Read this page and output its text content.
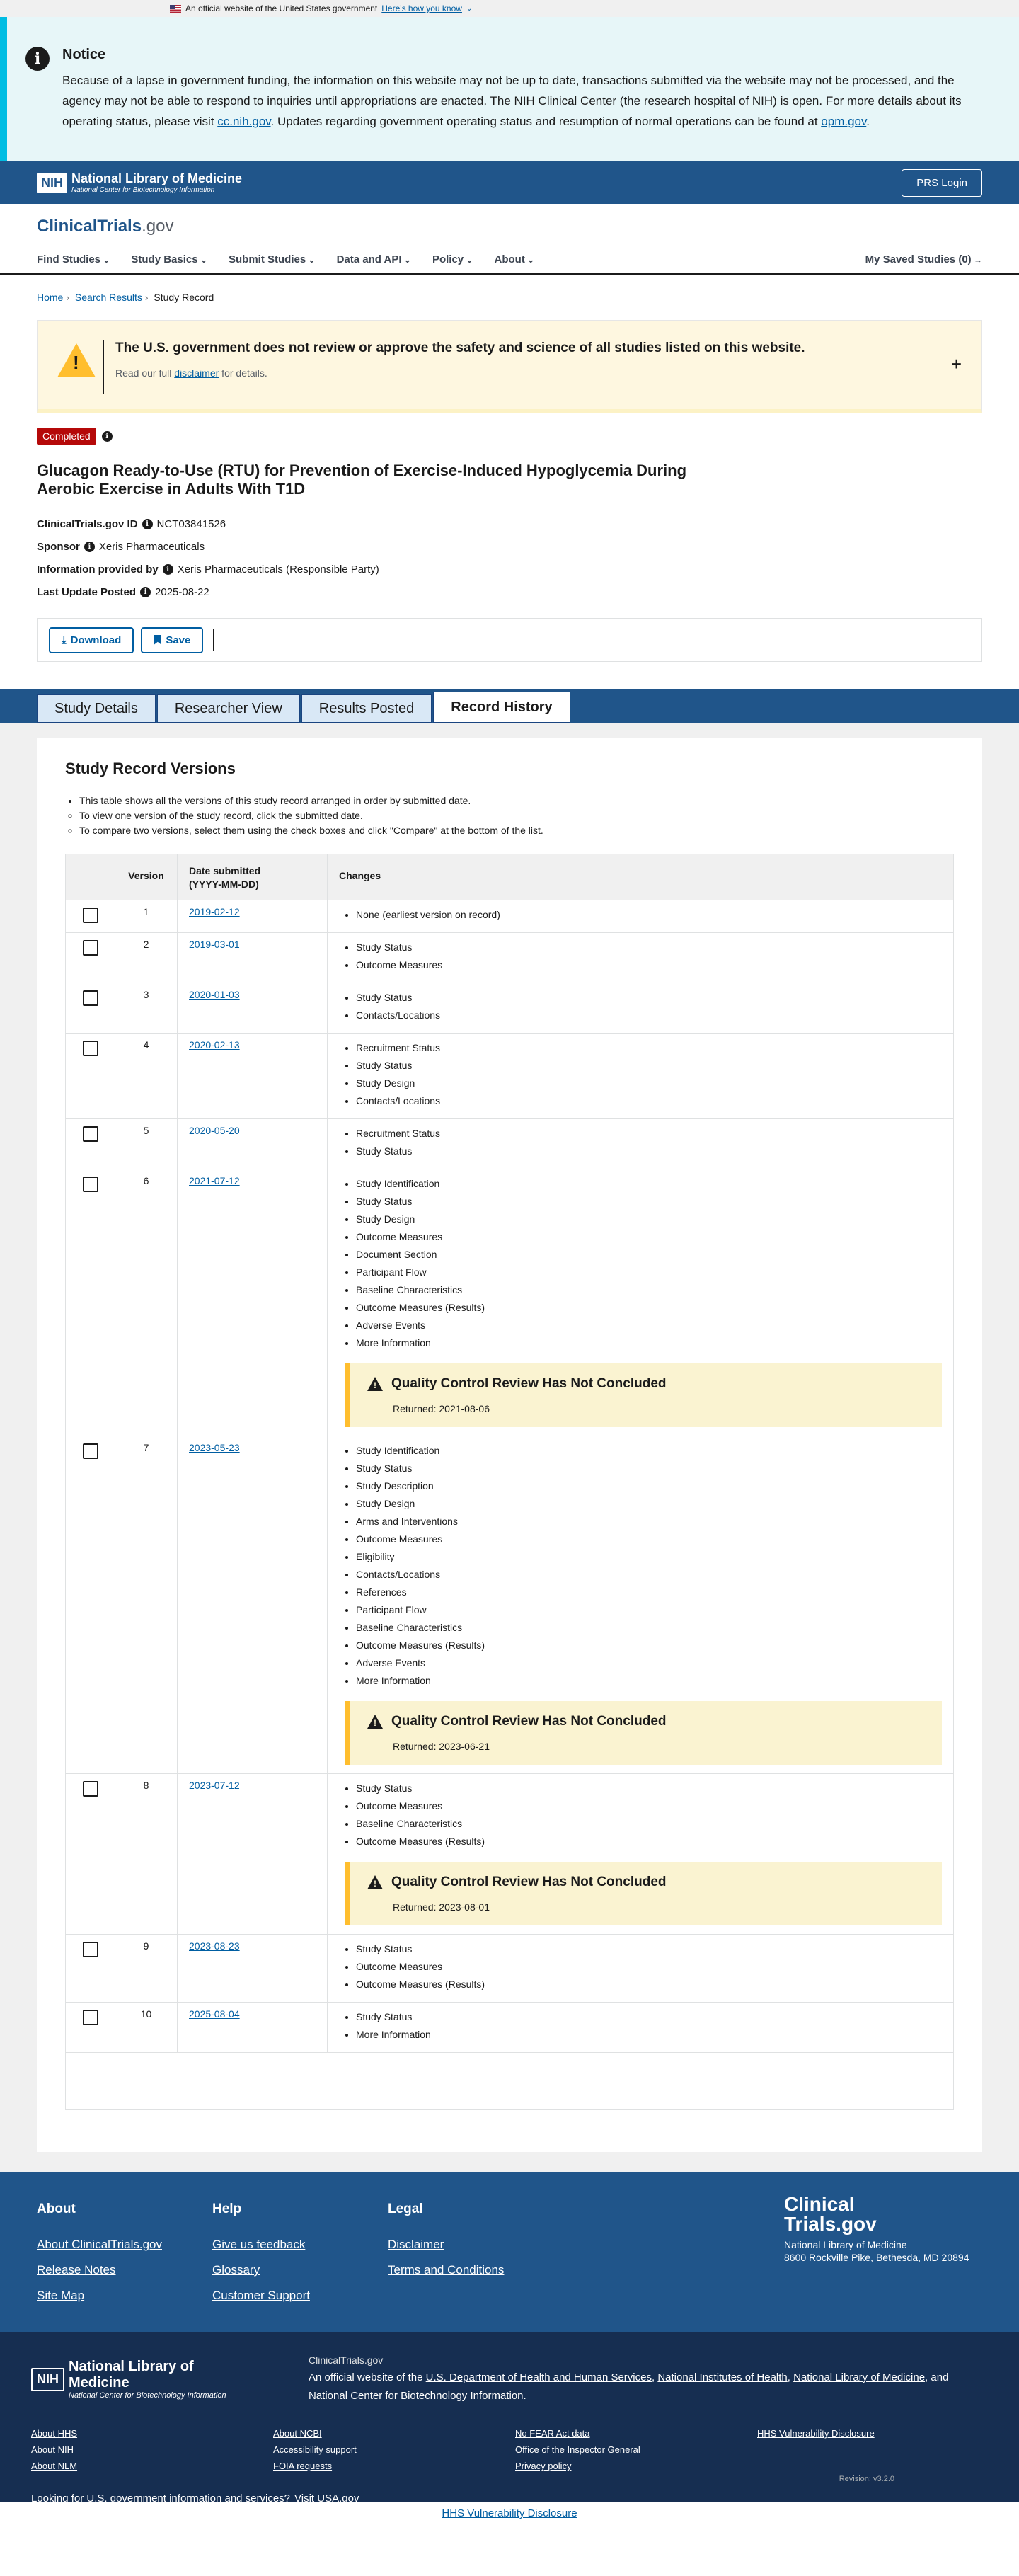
An official website of the United States government Here's how you know ⌄
i	Notice

Because of a lapse in government funding, the information on this website may not be up to date, transactions submitted via the website may not be processed, and the agency may not be able to respond to inquiries until appropriations are enacted. The NIH Clinical Center (the research hospital of NIH) is open. For more details about its operating status, please visit cc.nih.gov. Updates regarding government operating status and resumption of normal operations can be found at opm.gov.

NIH National Library of Medicine
National Center for Biotechnology Information
PRS Login
ClinicalTrials.gov
Find Studies ⌄	Study Basics ⌄	Submit Studies ⌄	Data and API ⌄	Policy ⌄	About ⌄	My Saved Studies (0) →
Home › Search Results › Study Record
!
The U.S. government does not review or approve the safety and science of all studies listed on this website.

Read our full disclaimer for details.	+
Completed	i
Glucagon Ready-to-Use (RTU) for Prevention of Exercise-Induced Hypoglycemia During Aerobic Exercise in Adults With T1D
ClinicalTrials.gov ID	i NCT03841526
Sponsor	i Xeris Pharmaceuticals
Information provided by	i Xeris Pharmaceuticals (Responsible Party)
Last Update Posted	i 2025-08-22
⤓ Download	Save
Study Details	Researcher View	Results Posted	Record History
Study Record Versions
• This table shows all the versions of this study record arranged in order by submitted date.
◦ To view one version of the study record, click the submitted date.
◦ To compare two versions, select them using the check boxes and click "Compare" at the bottom of the list.
Version	Date submitted
(YYYY-MM-DD)
Changes
1	2019-02-12	• None (earliest version on record)
2	2019-03-01	• Study Status
• Outcome Measures
3	2020-01-03	• Study Status
• Contacts/Locations
4	2020-02-13	• Recruitment Status
• Study Status
• Study Design
• Contacts/Locations
5	2020-05-20	• Recruitment Status
• Study Status
6	2021-07-12	• Study Identification
• Study Status
• Study Design
• Outcome Measures
• Document Section
• Participant Flow
• Baseline Characteristics
• Outcome Measures (Results)
• Adverse Events
• More Information
! Quality Control Review Has Not Concluded
Returned: 2021-08-06
7	2023-05-23	• Study Identification
• Study Status
• Study Description
• Study Design
• Arms and Interventions
• Outcome Measures
• Eligibility
• Contacts/Locations
• References
• Participant Flow
• Baseline Characteristics
• Outcome Measures (Results)
• Adverse Events
• More Information
! Quality Control Review Has Not Concluded
Returned: 2023-06-21
8	2023-07-12	• Study Status
• Outcome Measures
• Baseline Characteristics
• Outcome Measures (Results)
! Quality Control Review Has Not Concluded
Returned: 2023-08-01
9	2023-08-23	• Study Status
• Outcome Measures
• Outcome Measures (Results)
10	2025-08-04	• Study Status
• More Information
About
About ClinicalTrials.gov
Release Notes
Site Map
Help
Give us feedback
Glossary
Customer Support
Legal
Disclaimer
Terms and Conditions
Clinical
Trials.gov
National Library of Medicine
8600 Rockville Pike, Bethesda, MD 20894
NIH
National Library of Medicine
National Center for Biotechnology Information
ClinicalTrials.gov
An official website of the U.S. Department of Health and Human Services, National Institutes of Health, National Library of Medicine, and National Center for Biotechnology Information.
About HHS	About NCBI	No FEAR Act data	HHS Vulnerability Disclosure
About NIH	Accessibility support	Office of the Inspector General
About NLM	FOIA requests	Privacy policy
Looking for U.S. government information and services? Visit USA.gov
Revision: v3.2.0
HHS Vulnerability Disclosure
